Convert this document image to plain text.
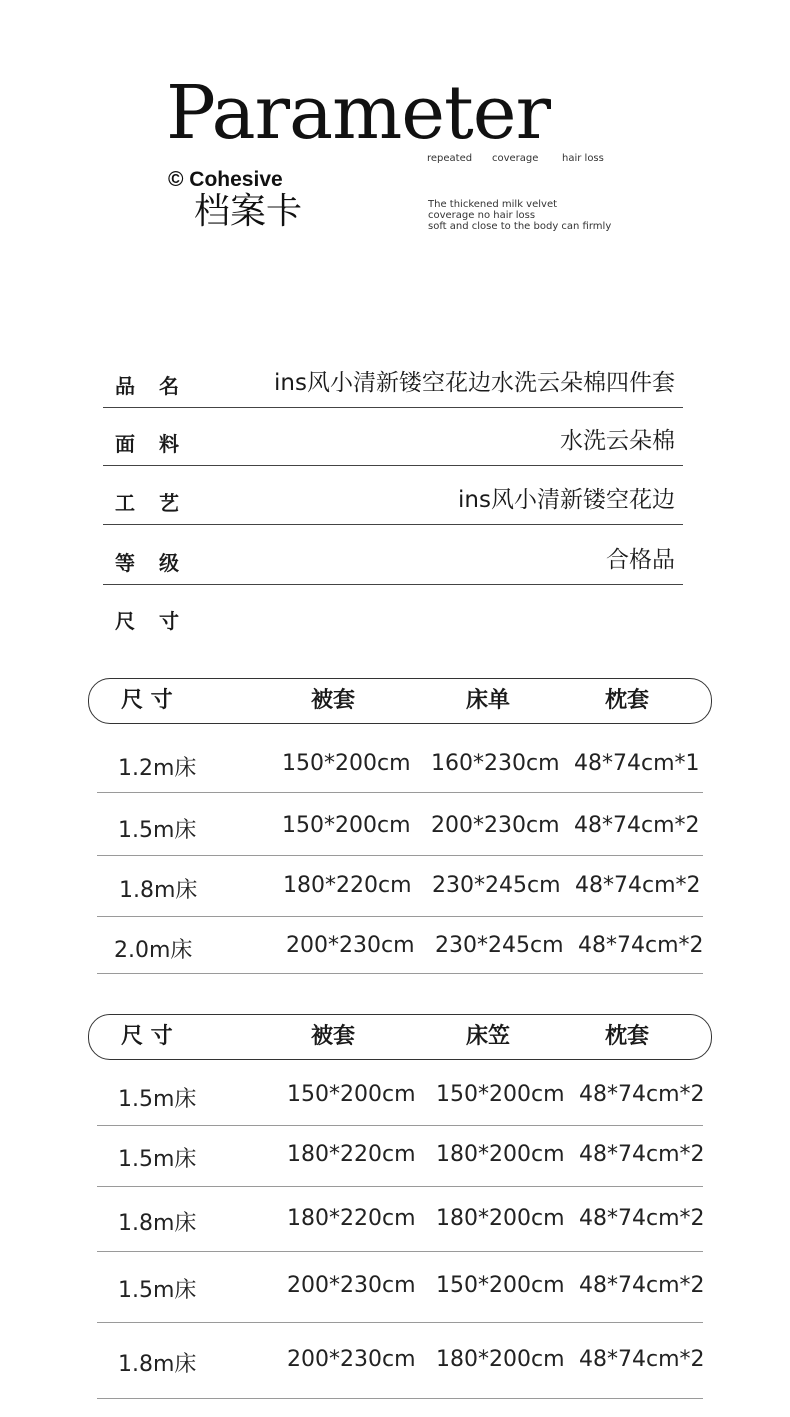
Parameter
repeated coverage hair loss
© Cohesive
档案卡	The thickened milk velvet
coverage no hair loss
soft and close to the body can firmly
品名	ins风小清新镂空花边水洗云朵棉四件套
面料	水洗云朵棉
工艺	ins风小清新镂空花边
等级	合格品
尺寸
尺 寸	被套	床单	枕套
1.2m床	150*200cm 160*230cm 48*74cm*1
1.5m床	150*200cm 200*230cm 48*74cm*2
1.8m床	180*220cm 230*245cm 48*74cm*2
2.0m床	200*230cm 230*245cm 48*74cm*2
尺 寸	被套	床笠	枕套
1.5m床	150*200cm 150*200cm 48*74cm*2
1.5m床	180*220cm 180*200cm 48*74cm*2
1.8m床	180*220cm 180*200cm 48*74cm*2
1.5m床	200*230cm 150*200cm 48*74cm*2
1.8m床	200*230cm 180*200cm 48*74cm*2
